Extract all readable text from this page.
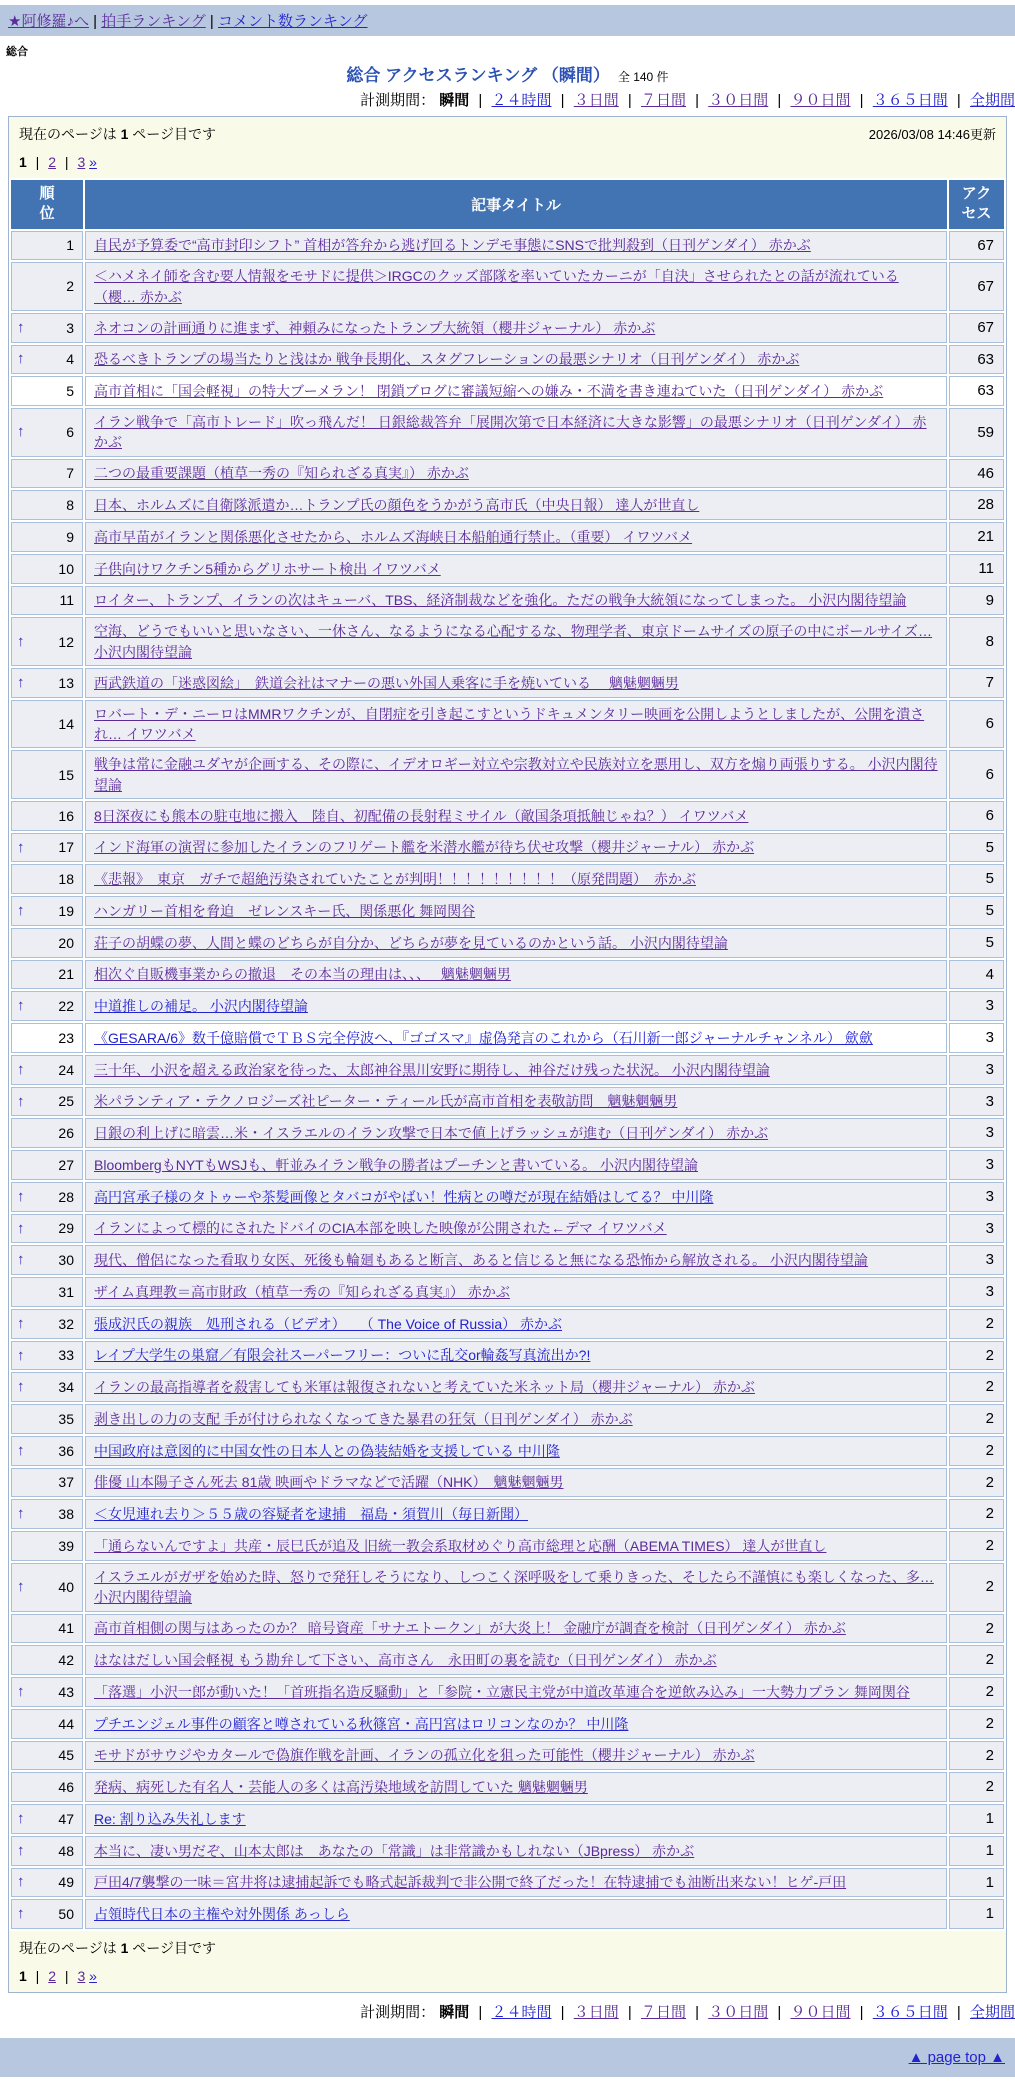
★阿修羅♪へ | 拍手ランキング | コメント数ランキング
総合
総合 アクセスランキング （瞬間） 全 140 件
計測期間： 瞬間 | ２４時間 | ３日間 | ７日間 | ３０日間 | ９０日間 | ３６５日間 | 全期間
現在のページは 1 ページ目です	2026/03/08 14:46更新
1 | 2 | 3 »
順位	記事タイトル	アクセス
1	自民が予算委で“高市封印シフト” 首相が答弁から逃げ回るトンデモ事態にSNSで批判殺到（日刊ゲンダイ） 赤かぶ	67
2	＜ハメネイ師を含む要人情報をモサドに提供＞IRGCのクッズ部隊を率いていたカーニが「自決」させられたとの話が流れている（櫻… 赤かぶ	67

↑ 3	ネオコンの計画通りに進まず、神頼みになったトランプ大統領（櫻井ジャーナル） 赤かぶ	67

↑ 4	恐るべきトランプの場当たりと浅はか 戦争長期化、スタグフレーションの最悪シナリオ（日刊ゲンダイ） 赤かぶ	63
5	高市首相に「国会軽視」の特大ブーメラン！ 閉鎖ブログに審議短縮への嫌み・不満を書き連ねていた（日刊ゲンダイ） 赤かぶ	63

↑ 6	イラン戦争で「高市トレード」吹っ飛んだ！ 日銀総裁答弁「展開次第で日本経済に大きな影響」の最悪シナリオ（日刊ゲンダイ） 赤かぶ	59
7	二つの最重要課題（植草一秀の『知られざる真実』） 赤かぶ	46
8	日本、ホルムズに自衛隊派遣か…トランプ氏の顔色をうかがう高市氏（中央日報） 達人が世直し	28
9	高市早苗がイランと関係悪化させたから、ホルムズ海峡日本船舶通行禁止。（重要） イワツバメ	21
10	子供向けワクチン5種からグリホサート検出 イワツバメ	11
11	ロイター、トランプ、イランの次はキューバ、TBS、経済制裁などを強化。ただの戦争大統領になってしまった。 小沢内閣待望論	9

↑ 12	空海、どうでもいいと思いなさい、一休さん、なるようになる心配するな、物理学者、東京ドームサイズの原子の中にボールサイズ… 小沢内閣待望論	8

↑ 13	西武鉄道の「迷惑図絵」　鉄道会社はマナーの悪い外国人乗客に手を焼いている　 魑魅魍魎男	7
14	ロバート・デ・ニーロはMMRワクチンが、自閉症を引き起こすというドキュメンタリー映画を公開しようとしましたが、公開を潰され… イワツバメ	6
15	戦争は常に金融ユダヤが企画する、その際に、イデオロギー対立や宗教対立や民族対立を悪用し、双方を煽り両張りする。 小沢内閣待望論	6
16	8日深夜にも熊本の駐屯地に搬入　陸自、初配備の長射程ミサイル（敵国条項抵触じゃね？） イワツバメ	6

↑ 17	インド海軍の演習に参加したイランのフリゲート艦を米潜水艦が待ち伏せ攻撃（櫻井ジャーナル） 赤かぶ	5
18	《悲報》　東京　ガチで超絶汚染されていたことが判明！！！！！！！！！（原発問題）　赤かぶ	5

↑ 19	ハンガリー首相を脅迫　ゼレンスキー氏、関係悪化 舞岡関谷	5
20	荘子の胡蝶の夢、人間と蝶のどちらが自分か、どちらが夢を見ているのかという話。 小沢内閣待望論	5
21	相次ぐ自販機事業からの撤退　その本当の理由は、、、　 魑魅魍魎男	4

↑ 22	中道推しの補足。 小沢内閣待望論	3
23	《GESARA/6》数千億賠償でＴＢＳ完全停波へ、『ゴゴスマ』虚偽発言のこれから（石川新一郎ジャーナルチャンネル） 歛歛	3

↑ 24	三十年、小沢を超える政治家を待った、太郎神谷黒川安野に期待し、神谷だけ残った状況。 小沢内閣待望論	3

↑ 25	米パランティア・テクノロジーズ社ピーター・ティール氏が高市首相を表敬訪問　魑魅魍魎男	3
26	日銀の利上げに暗雲…米・イスラエルのイラン攻撃で日本で値上げラッシュが進む（日刊ゲンダイ） 赤かぶ	3
27	BloombergもNYTもWSJも、軒並みイラン戦争の勝者はプーチンと書いている。 小沢内閣待望論	3

↑ 28	高円宮承子様のタトゥーや茶髪画像とタバコがやばい！性病との噂だが現在結婚はしてる？ 中川隆	3

↑ 29	イランによって標的にされたドバイのCIA本部を映した映像が公開された←デマ イワツバメ	3

↑ 30	現代、僧侶になった看取り女医、死後も輪廻もあると断言、あると信じると無になる恐怖から解放される。 小沢内閣待望論	3
31	ザイム真理教＝高市財政（植草一秀の『知られざる真実』） 赤かぶ	3

↑ 32	張成沢氏の親族　処刑される（ビデオ）　　（ The Voice of Russia） 赤かぶ	2

↑ 33	レイプ大学生の巣窟／有限会社スーパーフリー：ついに乱交or輪姦写真流出か?!	2

↑ 34	イランの最高指導者を殺害しても米軍は報復されないと考えていた米ネット局（櫻井ジャーナル） 赤かぶ	2
35	剥き出しの力の支配 手が付けられなくなってきた暴君の狂気（日刊ゲンダイ） 赤かぶ	2

↑ 36	中国政府は意図的に中国女性の日本人との偽装結婚を支援している 中川隆	2
37	俳優 山本陽子さん死去 81歳 映画やドラマなどで活躍（NHK）　魑魅魍魎男	2

↑ 38	＜女児連れ去り＞５５歳の容疑者を逮捕　福島・須賀川（毎日新聞）	2
39	「通らないんですよ」共産・辰巳氏が追及 旧統一教会系取材めぐり高市総理と応酬（ABEMA TIMES） 達人が世直し	2

↑ 40	イスラエルがガザを始めた時、怒りで発狂しそうになり、しつこく深呼吸をして乗りきった、そしたら不謹慎にも楽しくなった、多… 小沢内閣待望論	2
41	高市首相側の関与はあったのか？ 暗号資産「サナエトークン」が大炎上！ 金融庁が調査を検討（日刊ゲンダイ） 赤かぶ	2
42	はなはだしい国会軽視 もう勘弁して下さい、高市さん　永田町の裏を読む（日刊ゲンダイ） 赤かぶ	2

↑ 43	「落選」小沢一郎が動いた！「首班指名造反騒動」と「参院・立憲民主党が中道改革連合を逆飲み込み」一大勢力プラン 舞岡関谷	2
44	プチエンジェル事件の顧客と噂されている秋篠宮・高円宮はロリコンなのか？ 中川隆	2
45	モサドがサウジやカタールで偽旗作戦を計画、イランの孤立化を狙った可能性（櫻井ジャーナル） 赤かぶ	2
46	発病、病死した有名人・芸能人の多くは高汚染地域を訪問していた 魑魅魍魎男	2

↑ 47	Re: 割り込み失礼します	1

↑ 48	本当に、凄い男だぞ、山本太郎は　あなたの「常識」は非常識かもしれない（JBpress） 赤かぶ	1

↑ 49	戸田4/7襲撃の一味＝宮井将は逮捕起訴でも略式起訴裁判で非公開で終了だった！在特逮捕でも油断出来ない！ヒゲ-戸田	1

↑ 50	占領時代日本の主権や対外関係 あっしら	1
現在のページは 1 ページ目です
1 | 2 | 3 »
計測期間： 瞬間 | ２４時間 | ３日間 | ７日間 | ３０日間 | ９０日間 | ３６５日間 | 全期間
▲ page top ▲
